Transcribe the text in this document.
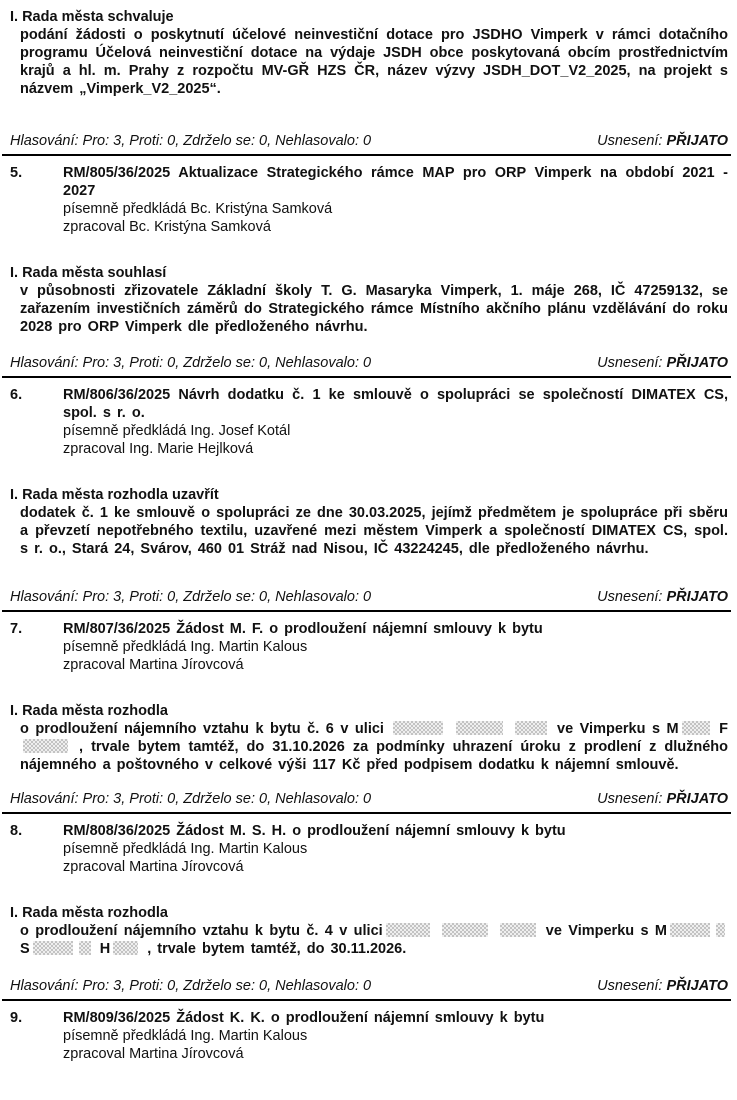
I. Rada města schvaluje

podání žádosti o poskytnutí účelové neinvestiční dotace pro JSDHO Vimperk v rámci dotačního programu Účelová neinvestiční dotace na výdaje JSDH obce poskytovaná obcím prostřednictvím krajů a hl. m. Prahy z rozpočtu MV-GŘ HZS ČR, název výzvy JSDH_DOT_V2_2025, na projekt s názvem „Vimperk_V2_2025“.

Hlasování: Pro: 3, Proti: 0, Zdrželo se: 0, Nehlasovalo: 0	Usnesení: PŘIJATO
5.	RM/805/36/2025 Aktualizace Strategického rámce MAP pro ORP Vimperk na období 2021 - 2027

písemně předkládá Bc. Kristýna Samková

zpracoval Bc. Kristýna Samková

I. Rada města souhlasí

v působnosti zřizovatele Základní školy T. G. Masaryka Vimperk, 1. máje 268, IČ 47259132, se zařazením investičních záměrů do Strategického rámce Místního akčního plánu vzdělávání do roku 2028 pro ORP Vimperk dle předloženého návrhu.

Hlasování: Pro: 3, Proti: 0, Zdrželo se: 0, Nehlasovalo: 0	Usnesení: PŘIJATO
6.	RM/806/36/2025 Návrh dodatku č. 1 ke smlouvě o spolupráci se společností DIMATEX CS, spol. s r. o.

písemně předkládá Ing. Josef Kotál

zpracoval Ing. Marie Hejlková

I. Rada města rozhodla uzavřít

dodatek č. 1 ke smlouvě o spolupráci ze dne 30.03.2025, jejímž předmětem je spolupráce při sběru a převzetí nepotřebného textilu, uzavřené mezi městem Vimperk a společností DIMATEX CS, spol. s r. o., Stará 24, Svárov, 460 01 Stráž nad Nisou, IČ 43224245, dle předloženého návrhu.

Hlasování: Pro: 3, Proti: 0, Zdrželo se: 0, Nehlasovalo: 0	Usnesení: PŘIJATO
7.	RM/807/36/2025 Žádost M. F. o prodloužení nájemní smlouvy k bytu

písemně předkládá Ing. Martin Kalous

zpracoval Martina Jírovcová

I. Rada města rozhodla

o prodloužení nájemního vztahu k bytu č. 6 v ulici	ve Vimperku s M	F , trvale bytem tamtéž, do 31.10.2026 za podmínky uhrazení úroku z prodlení z dlužného nájemného a poštovného v celkové výši 117 Kč před podpisem dodatku k nájemní smlouvě.

Hlasování: Pro: 3, Proti: 0, Zdrželo se: 0, Nehlasovalo: 0	Usnesení: PŘIJATO
8.	RM/808/36/2025 Žádost M. S. H. o prodloužení nájemní smlouvy k bytu

písemně předkládá Ing. Martin Kalous

zpracoval Martina Jírovcová

I. Rada města rozhodla

o prodloužení nájemního vztahu k bytu č. 4 v ulici	ve Vimperku s M S	H	, trvale bytem tamtéž, do 30.11.2026.

Hlasování: Pro: 3, Proti: 0, Zdrželo se: 0, Nehlasovalo: 0	Usnesení: PŘIJATO
9.	RM/809/36/2025 Žádost K. K. o prodloužení nájemní smlouvy k bytu

písemně předkládá Ing. Martin Kalous

zpracoval Martina Jírovcová
